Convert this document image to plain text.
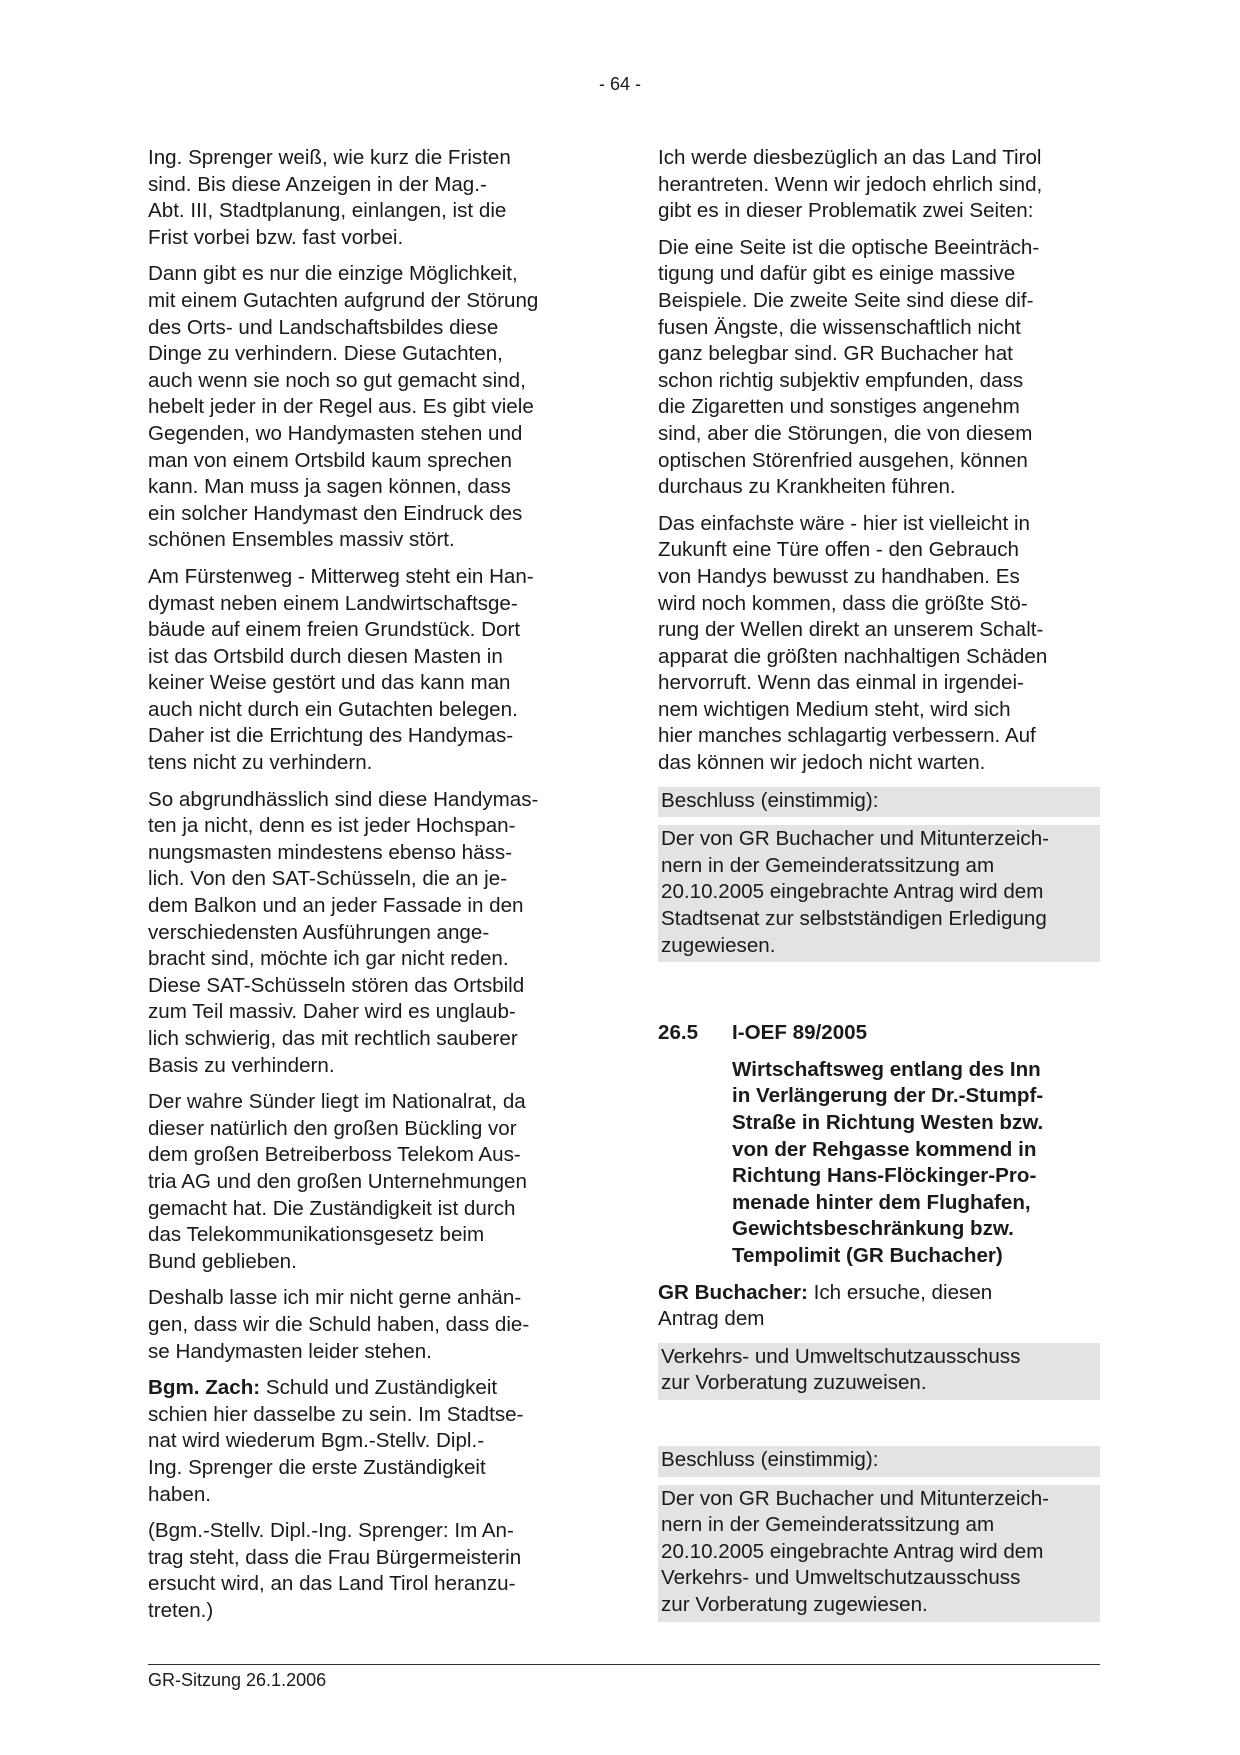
- 64 -

Ing. Sprenger weiß, wie kurz die Fristen
sind. Bis diese Anzeigen in der Mag.-
Abt. III, Stadtplanung, einlangen, ist die
Frist vorbei bzw. fast vorbei.

Dann gibt es nur die einzige Möglichkeit,
mit einem Gutachten aufgrund der Störung
des Orts- und Landschaftsbildes diese
Dinge zu verhindern. Diese Gutachten,
auch wenn sie noch so gut gemacht sind,
hebelt jeder in der Regel aus. Es gibt viele
Gegenden, wo Handymasten stehen und
man von einem Ortsbild kaum sprechen
kann. Man muss ja sagen können, dass
ein solcher Handymast den Eindruck des
schönen Ensembles massiv stört.

Am Fürstenweg - Mitterweg steht ein Han-
dymast neben einem Landwirtschaftsge-
bäude auf einem freien Grundstück. Dort
ist das Ortsbild durch diesen Masten in
keiner Weise gestört und das kann man
auch nicht durch ein Gutachten belegen.
Daher ist die Errichtung des Handymas-
tens nicht zu verhindern.

So abgrundhässlich sind diese Handymas-
ten ja nicht, denn es ist jeder Hochspan-
nungsmasten mindestens ebenso häss-
lich. Von den SAT-Schüsseln, die an je-
dem Balkon und an jeder Fassade in den
verschiedensten Ausführungen ange-
bracht sind, möchte ich gar nicht reden.
Diese SAT-Schüsseln stören das Ortsbild
zum Teil massiv. Daher wird es unglaub-
lich schwierig, das mit rechtlich sauberer
Basis zu verhindern.

Der wahre Sünder liegt im Nationalrat, da
dieser natürlich den großen Bückling vor
dem großen Betreiberboss Telekom Aus-
tria AG und den großen Unternehmungen
gemacht hat. Die Zuständigkeit ist durch
das Telekommunikationsgesetz beim
Bund geblieben.

Deshalb lasse ich mir nicht gerne anhän-
gen, dass wir die Schuld haben, dass die-
se Handymasten leider stehen.

Bgm. Zach: Schuld und Zuständigkeit
schien hier dasselbe zu sein. Im Stadtse-
nat wird wiederum Bgm.-Stellv. Dipl.-
Ing. Sprenger die erste Zuständigkeit
haben.

(Bgm.-Stellv. Dipl.-Ing. Sprenger: Im An-
trag steht, dass die Frau Bürgermeisterin
ersucht wird, an das Land Tirol heranzu-
treten.)

Ich werde diesbezüglich an das Land Tirol
herantreten. Wenn wir jedoch ehrlich sind,
gibt es in dieser Problematik zwei Seiten:

Die eine Seite ist die optische Beeinträch-
tigung und dafür gibt es einige massive
Beispiele. Die zweite Seite sind diese dif-
fusen Ängste, die wissenschaftlich nicht
ganz belegbar sind. GR Buchacher hat
schon richtig subjektiv empfunden, dass
die Zigaretten und sonstiges angenehm
sind, aber die Störungen, die von diesem
optischen Störenfried ausgehen, können
durchaus zu Krankheiten führen.

Das einfachste wäre - hier ist vielleicht in
Zukunft eine Türe offen - den Gebrauch
von Handys bewusst zu handhaben. Es
wird noch kommen, dass die größte Stö-
rung der Wellen direkt an unserem Schalt-
apparat die größten nachhaltigen Schäden
hervorruft. Wenn das einmal in irgendei-
nem wichtigen Medium steht, wird sich
hier manches schlagartig verbessern. Auf
das können wir jedoch nicht warten.

Beschluss (einstimmig):

Der von GR Buchacher und Mitunterzeich-
nern in der Gemeinderatssitzung am
20.10.2005 eingebrachte Antrag wird dem
Stadtsenat zur selbstständigen Erledigung
zugewiesen.

26.5 I-OEF 89/2005
Wirtschaftsweg entlang des Inn
in Verlängerung der Dr.-Stumpf-
Straße in Richtung Westen bzw.
von der Rehgasse kommend in
Richtung Hans-Flöckinger-Pro-
menade hinter dem Flughafen,
Gewichtsbeschränkung bzw.
Tempolimit (GR Buchacher)

GR Buchacher: Ich ersuche, diesen
Antrag dem

Verkehrs- und Umweltschutzausschuss
zur Vorberatung zuzuweisen.

Beschluss (einstimmig):

Der von GR Buchacher und Mitunterzeich-
nern in der Gemeinderatssitzung am
20.10.2005 eingebrachte Antrag wird dem
Verkehrs- und Umweltschutzausschuss
zur Vorberatung zugewiesen.

GR-Sitzung 26.1.2006
